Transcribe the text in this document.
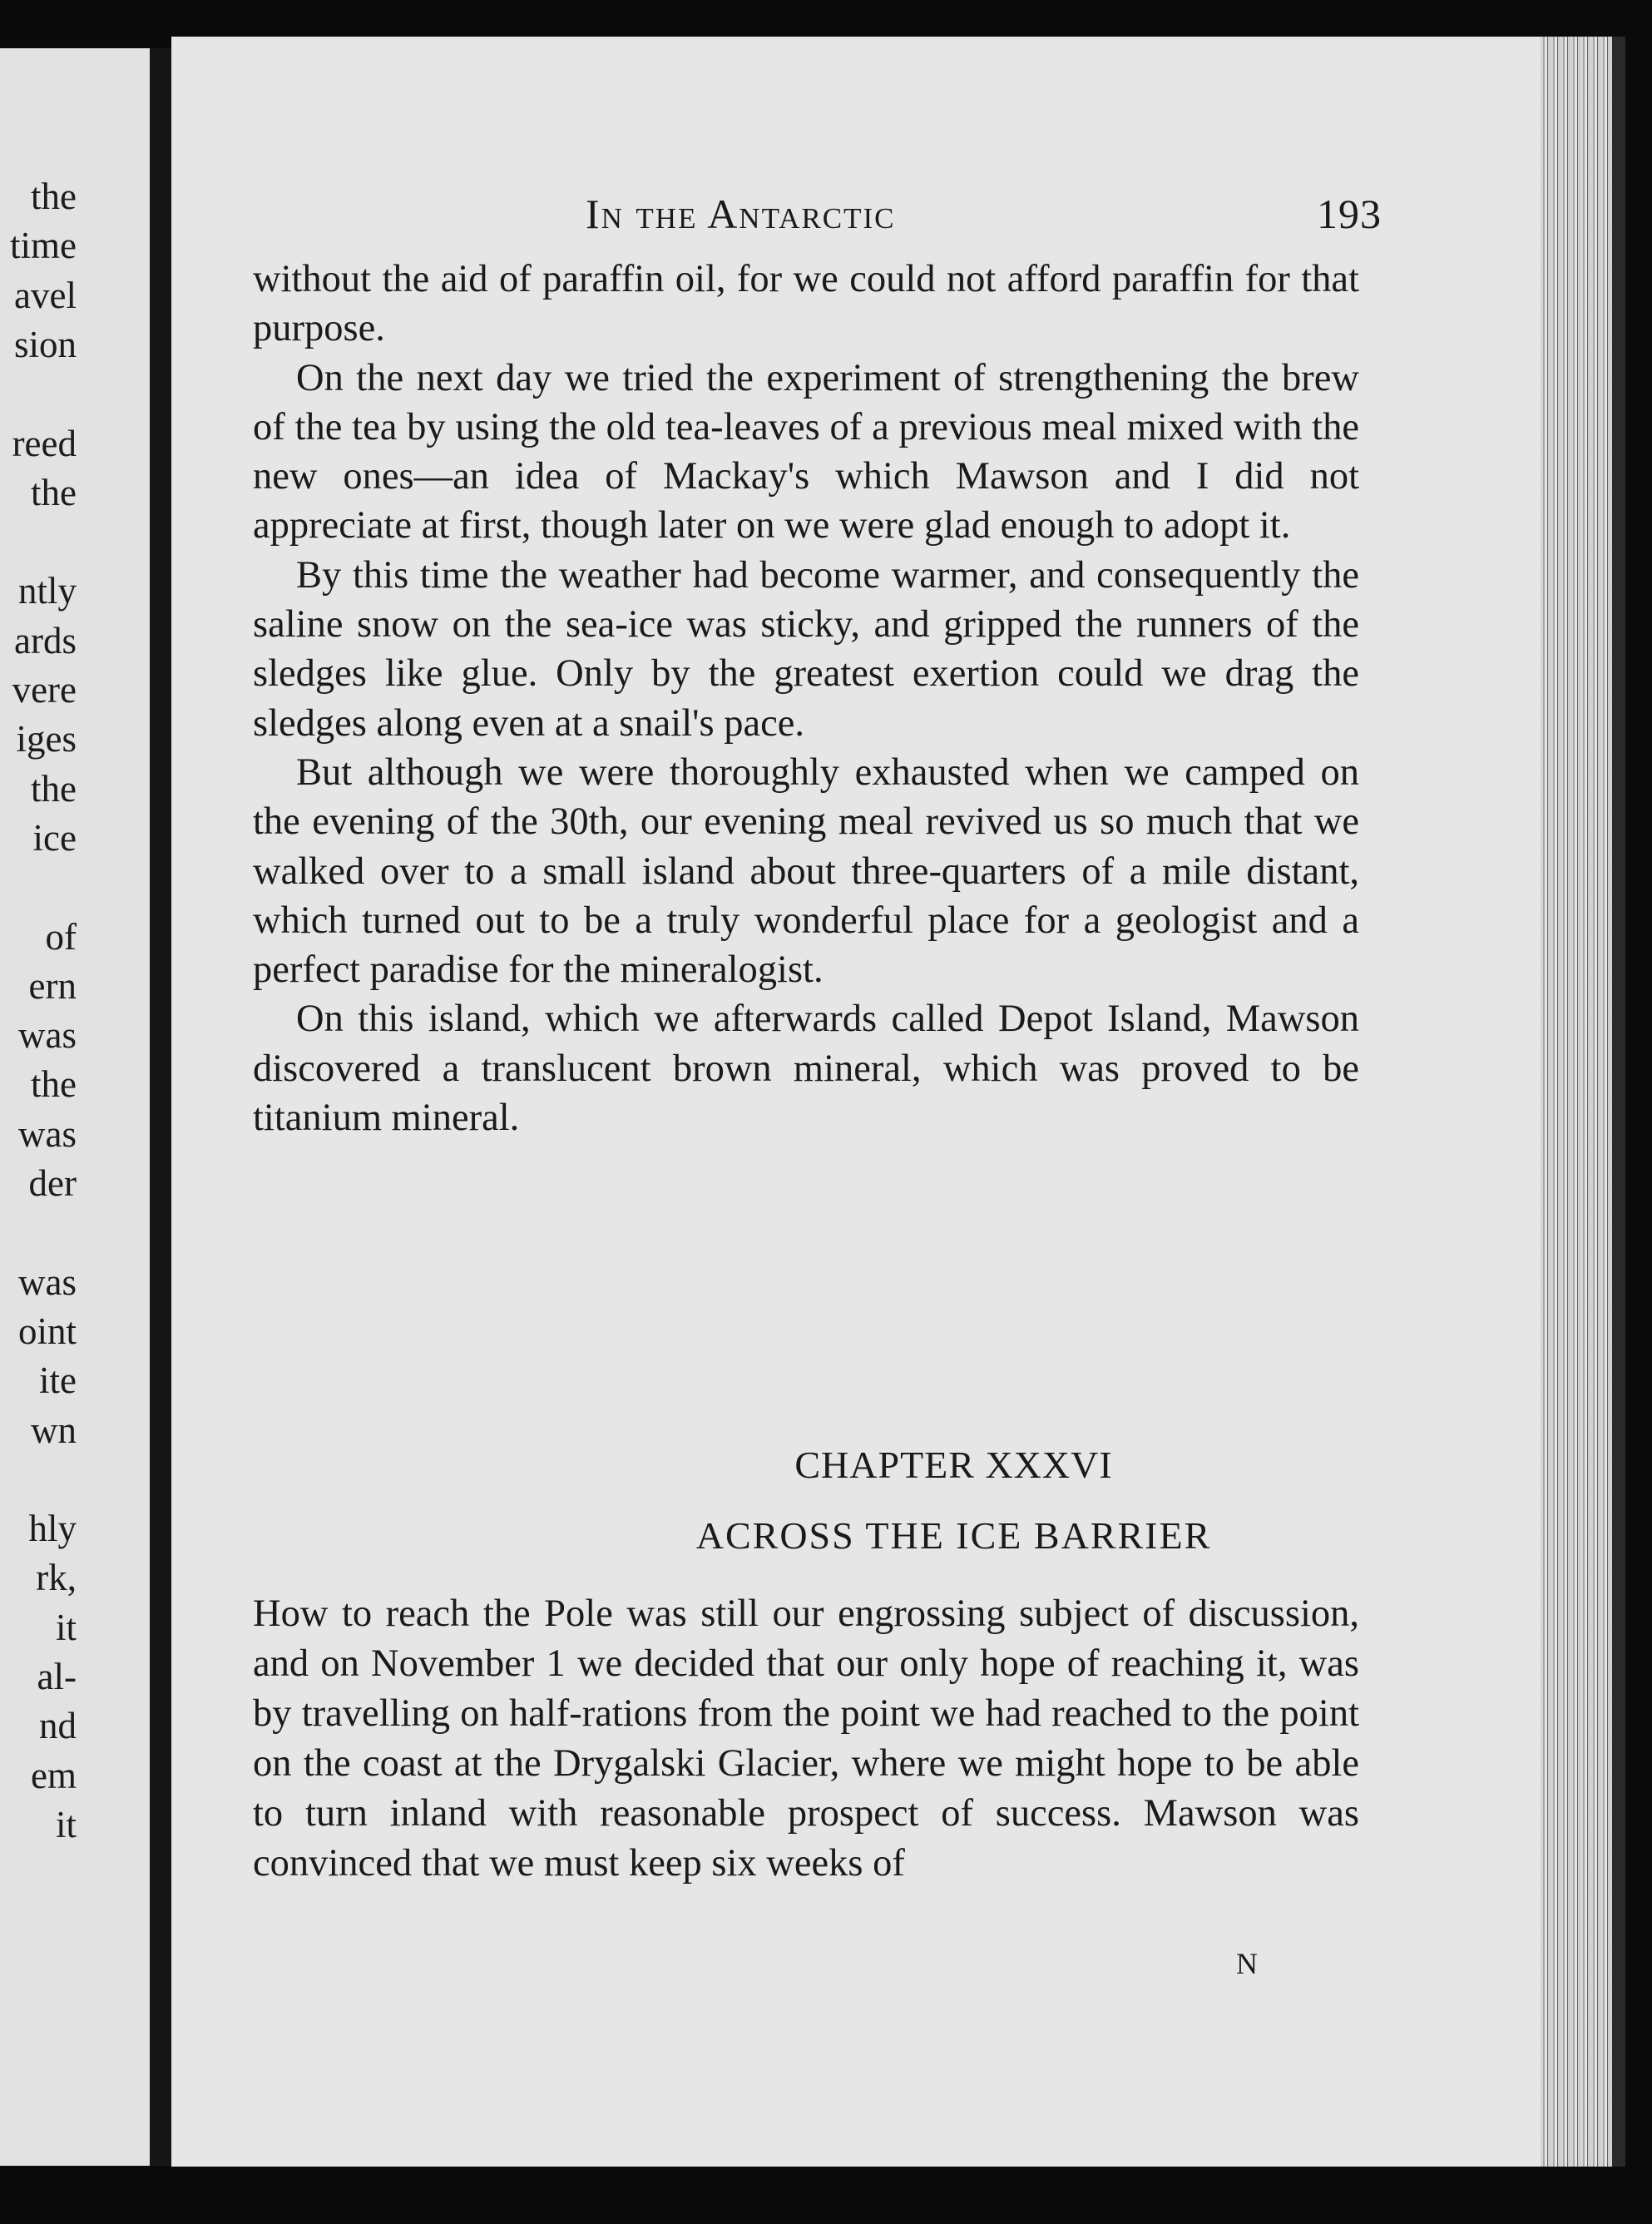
the
time
avel
sion
reed
the
ntly
ards
vere
iges
the
ice
of
ern
was
the
was
der
was
oint
ite
wn
hly
rk,
it
al-
nd
em
it
In the Antarctic	193

without the aid of paraffin oil, for we could not afford paraffin for that purpose.

On the next day we tried the experiment of strengthening the brew of the tea by using the old tea-leaves of a previous meal mixed with the new ones—an idea of Mackay's which Mawson and I did not appreciate at first, though later on we were glad enough to adopt it.

By this time the weather had become warmer, and consequently the saline snow on the sea-ice was sticky, and gripped the runners of the sledges like glue. Only by the greatest exertion could we drag the sledges along even at a snail's pace.

But although we were thoroughly exhausted when we camped on the evening of the 30th, our evening meal revived us so much that we walked over to a small island about three-quarters of a mile distant, which turned out to be a truly wonderful place for a geologist and a perfect paradise for the mineralogist.

On this island, which we afterwards called Depot Island, Mawson discovered a translucent brown mineral, which was proved to be titanium mineral.

CHAPTER XXXVI
ACROSS THE ICE BARRIER

How to reach the Pole was still our engrossing subject of discussion, and on November 1 we decided that our only hope of reaching it, was by travelling on half-rations from the point we had reached to the point on the coast at the Drygalski Glacier, where we might hope to be able to turn inland with reasonable prospect of success. Mawson was convinced that we must keep six weeks of

N
